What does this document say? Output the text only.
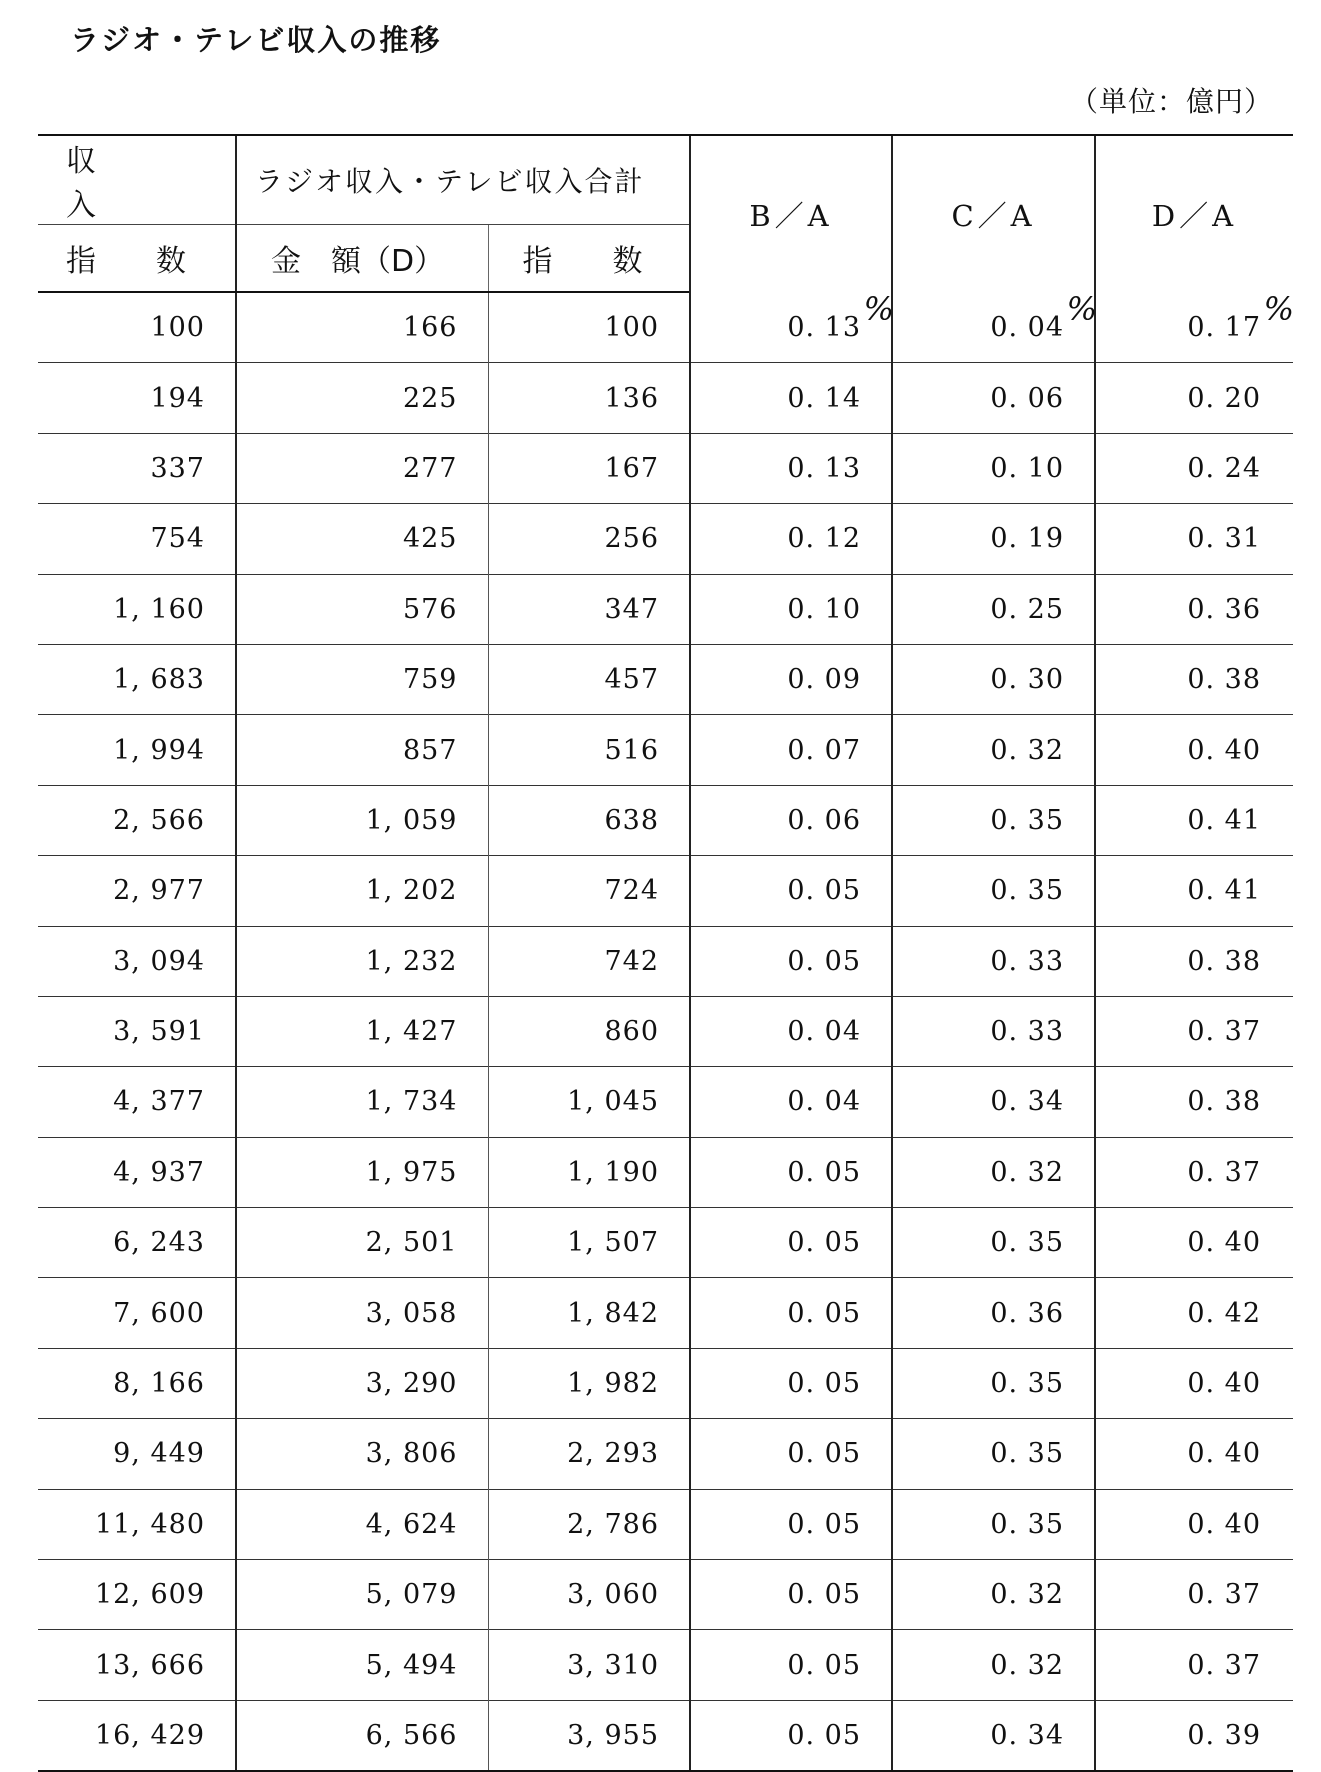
ラジオ・テレビ収入の推移
（単位：億円）
収　入	ラジオ収入・テレビ収入合計		B／A	C／A	D／A
指　　数	金　額（D）	指　　数			
100	166	100	0. 13 %	0. 04 %	0. 17 %

194	225	136	0. 14	0. 06	0. 20
337	277	167	0. 13	0. 10	0. 24
754	425	256	0. 12	0. 19	0. 31
1, 160	576	347	0. 10	0. 25	0. 36
1, 683	759	457	0. 09	0. 30	0. 38
1, 994	857	516	0. 07	0. 32	0. 40
2, 566	1, 059	638	0. 06	0. 35	0. 41
2, 977	1, 202	724	0. 05	0. 35	0. 41
3, 094	1, 232	742	0. 05	0. 33	0. 38
3, 591	1, 427	860	0. 04	0. 33	0. 37
4, 377	1, 734	1, 045	0. 04	0. 34	0. 38
4, 937	1, 975	1, 190	0. 05	0. 32	0. 37
6, 243	2, 501	1, 507	0. 05	0. 35	0. 40
7, 600	3, 058	1, 842	0. 05	0. 36	0. 42
8, 166	3, 290	1, 982	0. 05	0. 35	0. 40
9, 449	3, 806	2, 293	0. 05	0. 35	0. 40
11, 480	4, 624	2, 786	0. 05	0. 35	0. 40
12, 609	5, 079	3, 060	0. 05	0. 32	0. 37
13, 666	5, 494	3, 310	0. 05	0. 32	0. 37
16, 429	6, 566	3, 955	0. 05	0. 34	0. 39
